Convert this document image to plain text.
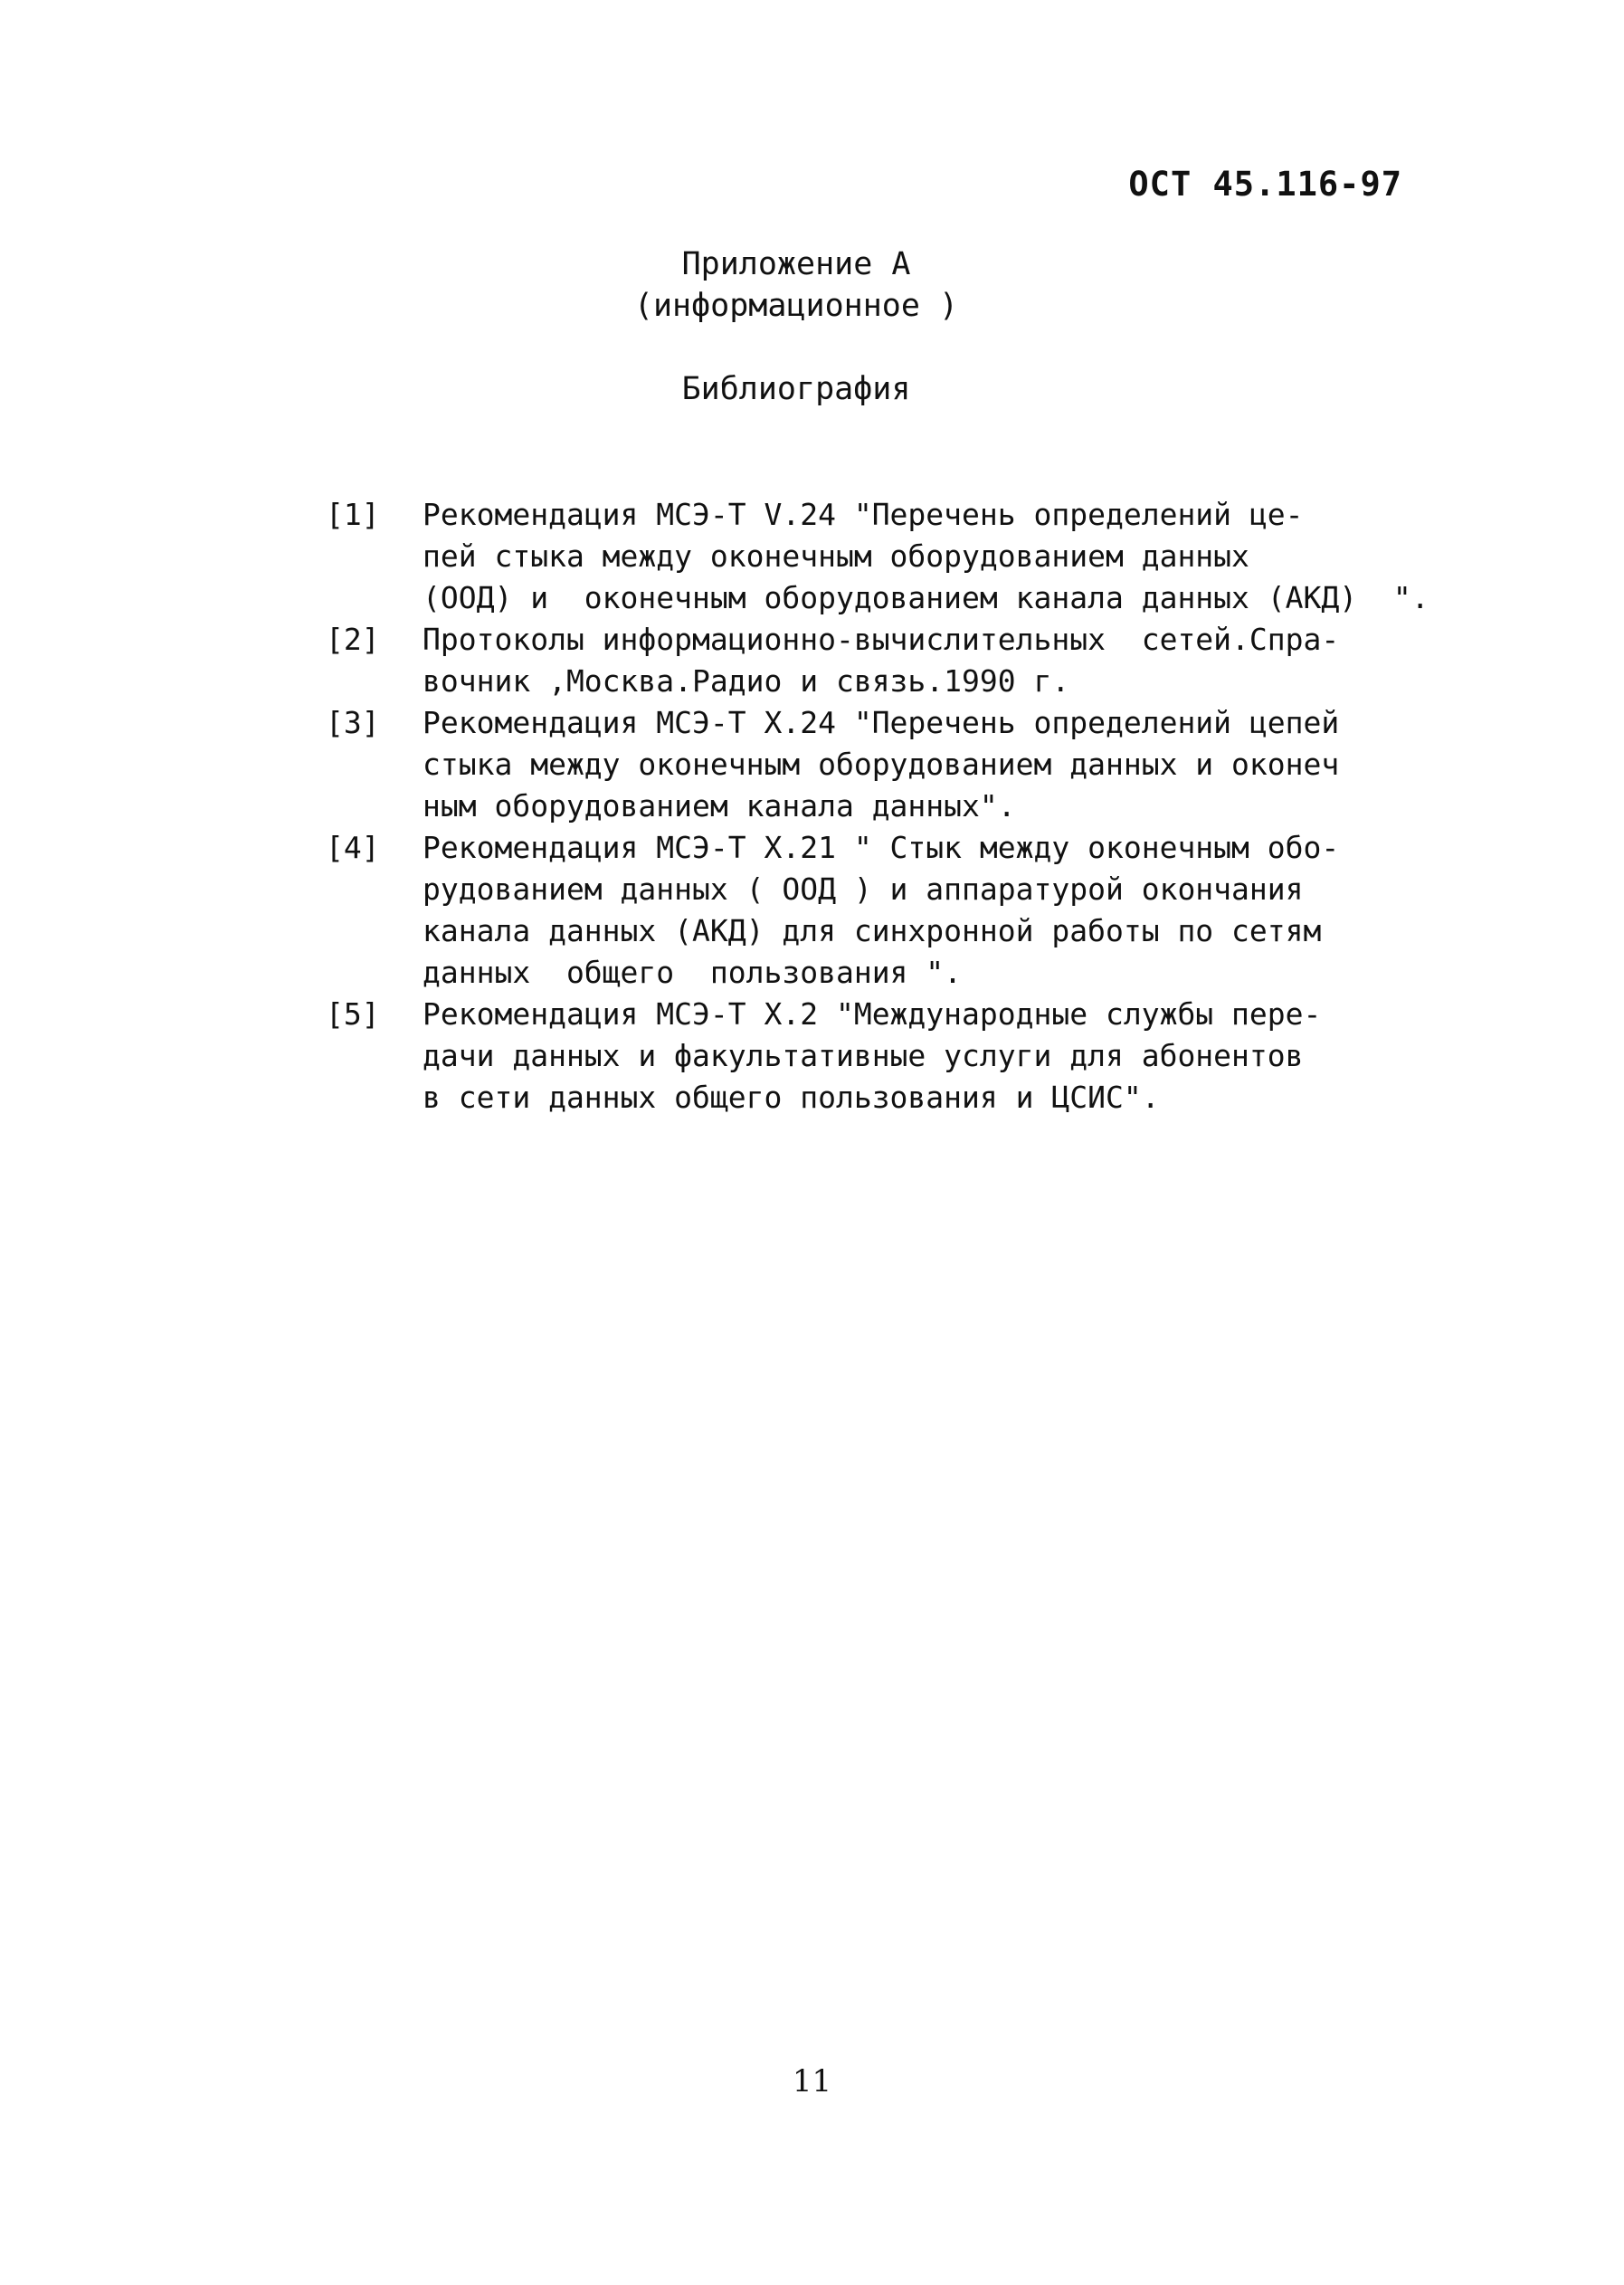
ОСТ 45.116-97
Приложение А
(информационное )
Библиография
[1]	Рекомендация МСЭ-Т V.24 "Перечень определений це-
пей стыка между оконечным оборудованием данных
(ООД) и  оконечным оборудованием канала данных (АКД)  ".
[2]	Протоколы информационно-вычислительных  сетей.Спра-
вочник ,Москва.Радио и связь.1990 г.
[3]	Рекомендация МСЭ-Т Х.24 "Перечень определений цепей
стыка между оконечным оборудованием данных и оконеч
ным оборудованием канала данных".
[4]	Рекомендация МСЭ-Т Х.21 " Стык между оконечным обо-
рудованием данных ( ООД ) и аппаратурой окончания
канала данных (АКД) для синхронной работы по сетям
данных  общего  пользования ".
[5]	Рекомендация МСЭ-Т Х.2 "Международные службы пере-
дачи данных и факультативные услуги для абонентов
в сети данных общего пользования и ЦСИС".
11
